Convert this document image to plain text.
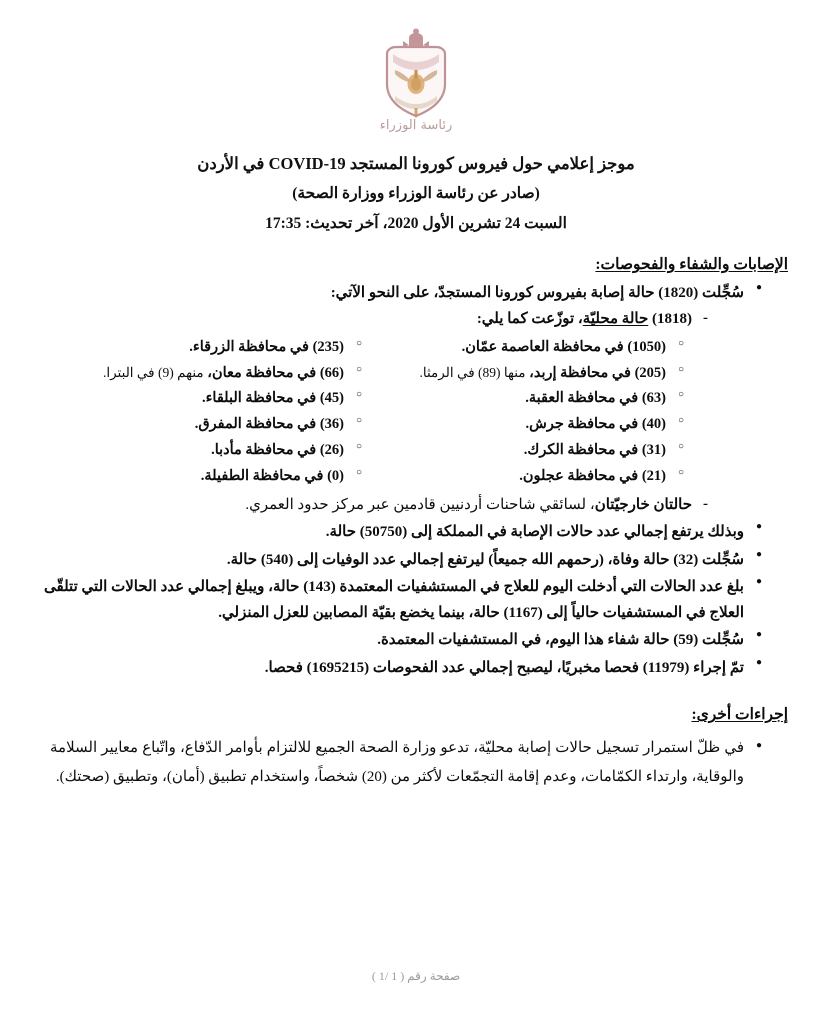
رئاسة الوزراء
موجز إعلامي حول فيروس كورونا المستجد COVID-19 في الأردن
(صادر عن رئاسة الوزراء ووزارة الصحة)
السبت 24 تشرين الأول 2020، آخر تحديث: 17:35
الإصابات والشفاء والفحوصات:
● سُجِّلت (1820) حالة إصابة بفيروس كورونا المستجدّ، على النحو الآتي:
- (1818) حالة محليّة، توزّعت كما يلي:
○ (1050) في محافظة العاصمة عمّان.
○ (235) في محافظة الزرقاء.
○ (205) في محافظة إربد، منها (89) في الرمثا.
○ (66) في محافظة معان، منهم (9) في البترا.
○ (63) في محافظة العقبة.
○ (45) في محافظة البلقاء.
○ (40) في محافظة جرش.
○ (36) في محافظة المفرق.
○ (31) في محافظة الكرك.
○ (26) في محافظة مأدبا.
○ (21) في محافظة عجلون.
○ (0) في محافظة الطفيلة.
- حالتان خارجيّتان، لسائقي شاحنات أردنيين قادمين عبر مركز حدود العمري.
● وبذلك يرتفع إجمالي عدد حالات الإصابة في المملكة إلى (50750) حالة.
● سُجِّلت (32) حالة وفاة، (رحمهم الله جميعاً) ليرتفع إجمالي عدد الوفيات إلى (540) حالة.
● بلغ عدد الحالات التي أدخلت اليوم للعلاج في المستشفيات المعتمدة (143) حالة، ويبلغ إجمالي عدد الحالات التي تتلقّى العلاج في المستشفيات حالياً إلى (1167) حالة، بينما يخضع بقيّة المصابين للعزل المنزلي.
● سُجِّلت (59) حالة شفاء هذا اليوم، في المستشفيات المعتمدة.
● تمّ إجراء (11979) فحصا مخبريًا، ليصبح إجمالي عدد الفحوصات (1695215) فحصا.
إجراءات أخرى:
● في ظلّ استمرار تسجيل حالات إصابة محليّة، تدعو وزارة الصحة الجميع للالتزام بأوامر الدّفاع، واتّباع معايير السلامة والوقاية، وارتداء الكمّامات، وعدم إقامة التجمّعات لأكثر من (20) شخصاً، واستخدام تطبيق (أمان)، وتطبيق (صحتك).
صفحة رقم ( 1 /1 )
